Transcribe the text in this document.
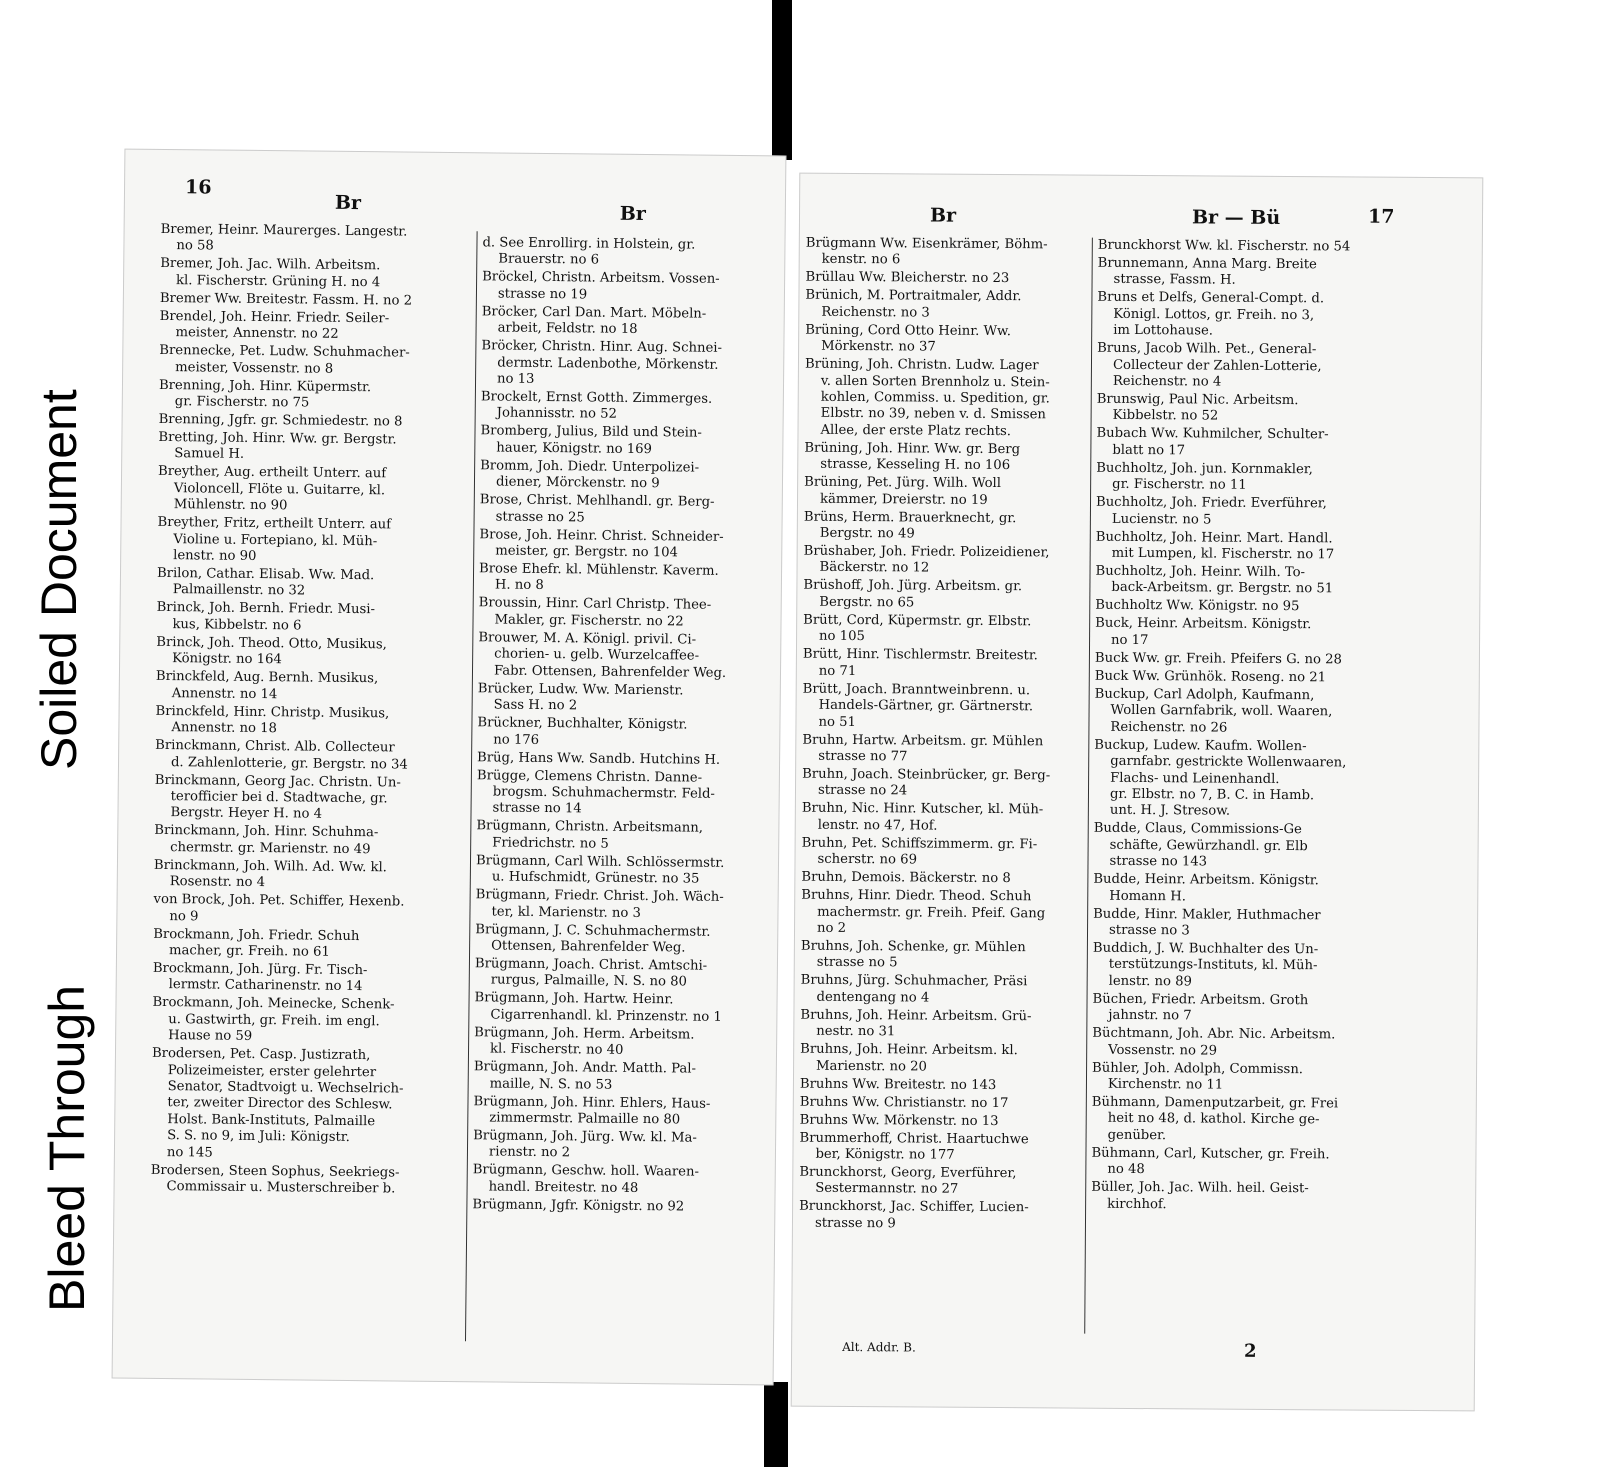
Bleed Through
Soiled Document
16
Br	Br
Bremer, Heinr. Maurerges. Langestr.
no 58
Bremer, Joh. Jac. Wilh. Arbeitsm.
kl. Fischerstr. Grüning H. no 4
Bremer Ww. Breitestr. Fassm. H. no 2
Brendel, Joh. Heinr. Friedr. Seiler-
meister, Annenstr. no 22
Brennecke, Pet. Ludw. Schuhmacher-
meister, Vossenstr. no 8
Brenning, Joh. Hinr. Küpermstr.
gr. Fischerstr. no 75
Brenning, Jgfr. gr. Schmiedestr. no 8
Bretting, Joh. Hinr. Ww. gr. Bergstr.
Samuel H.
Breyther, Aug. ertheilt Unterr. auf
Violoncell, Flöte u. Guitarre, kl.
Mühlenstr. no 90
Breyther, Fritz, ertheilt Unterr. auf
Violine u. Fortepiano, kl. Müh-
lenstr. no 90
Brilon, Cathar. Elisab. Ww. Mad.
Palmaillenstr. no 32
Brinck, Joh. Bernh. Friedr. Musi-
kus, Kibbelstr. no 6
Brinck, Joh. Theod. Otto, Musikus,
Königstr. no 164
Brinckfeld, Aug. Bernh. Musikus,
Annenstr. no 14
Brinckfeld, Hinr. Christp. Musikus,
Annenstr. no 18
Brinckmann, Christ. Alb. Collecteur
d. Zahlenlotterie, gr. Bergstr. no 34
Brinckmann, Georg Jac. Christn. Un-
terofficier bei d. Stadtwache, gr.
Bergstr. Heyer H. no 4
Brinckmann, Joh. Hinr. Schuhma-
chermstr. gr. Marienstr. no 49
Brinckmann, Joh. Wilh. Ad. Ww. kl.
Rosenstr. no 4
von Brock, Joh. Pet. Schiffer, Hexenb.
no 9
Brockmann, Joh. Friedr. Schuh
macher, gr. Freih. no 61
Brockmann, Joh. Jürg. Fr. Tisch-
lermstr. Catharinenstr. no 14
Brockmann, Joh. Meinecke, Schenk-
u. Gastwirth, gr. Freih. im engl.
Hause no 59
Brodersen, Pet. Casp. Justizrath,
Polizeimeister, erster gelehrter
Senator, Stadtvoigt u. Wechselrich-
ter, zweiter Director des Schlesw.
Holst. Bank-Instituts, Palmaille
S. S. no 9, im Juli: Königstr.
no 145
Brodersen, Steen Sophus, Seekriegs-
Commissair u. Musterschreiber b.
d. See Enrollirg. in Holstein, gr.
Brauerstr. no 6
Bröckel, Christn. Arbeitsm. Vossen-
strasse no 19
Bröcker, Carl Dan. Mart. Möbeln-
arbeit, Feldstr. no 18
Bröcker, Christn. Hinr. Aug. Schnei-
dermstr. Ladenbothe, Mörkenstr.
no 13
Brockelt, Ernst Gotth. Zimmerges.
Johannisstr. no 52
Bromberg, Julius, Bild und Stein-
hauer, Königstr. no 169
Bromm, Joh. Diedr. Unterpolizei-
diener, Mörckenstr. no 9
Brose, Christ. Mehlhandl. gr. Berg-
strasse no 25
Brose, Joh. Heinr. Christ. Schneider-
meister, gr. Bergstr. no 104
Brose Ehefr. kl. Mühlenstr. Kaverm.
H. no 8
Broussin, Hinr. Carl Christp. Thee-
Makler, gr. Fischerstr. no 22
Brouwer, M. A. Königl. privil. Ci-
chorien- u. gelb. Wurzelcaffee-
Fabr. Ottensen, Bahrenfelder Weg.
Brücker, Ludw. Ww. Marienstr.
Sass H. no 2
Brückner, Buchhalter, Königstr.
no 176
Brüg, Hans Ww. Sandb. Hutchins H.
Brügge, Clemens Christn. Danne-
brogsm. Schuhmachermstr. Feld-
strasse no 14
Brügmann, Christn. Arbeitsmann,
Friedrichstr. no 5
Brügmann, Carl Wilh. Schlössermstr.
u. Hufschmidt, Grünestr. no 35
Brügmann, Friedr. Christ. Joh. Wäch-
ter, kl. Marienstr. no 3
Brügmann, J. C. Schuhmachermstr.
Ottensen, Bahrenfelder Weg.
Brügmann, Joach. Christ. Amtschi-
rurgus, Palmaille, N. S. no 80
Brügmann, Joh. Hartw. Heinr.
Cigarrenhandl. kl. Prinzenstr. no 1
Brügmann, Joh. Herm. Arbeitsm.
kl. Fischerstr. no 40
Brügmann, Joh. Andr. Matth. Pal-
maille, N. S. no 53
Brügmann, Joh. Hinr. Ehlers, Haus-
zimmermstr. Palmaille no 80
Brügmann, Joh. Jürg. Ww. kl. Ma-
rienstr. no 2
Brügmann, Geschw. holl. Waaren-
handl. Breitestr. no 48
Brügmann, Jgfr. Königstr. no 92
Br	Br — Bü	17
Brügmann Ww. Eisenkrämer, Böhm-
kenstr. no 6
Brüllau Ww. Bleicherstr. no 23
Brünich, M. Portraitmaler, Addr.
Reichenstr. no 3
Brüning, Cord Otto Heinr. Ww.
Mörkenstr. no 37
Brüning, Joh. Christn. Ludw. Lager
v. allen Sorten Brennholz u. Stein-
kohlen, Commiss. u. Spedition, gr.
Elbstr. no 39, neben v. d. Smissen
Allee, der erste Platz rechts.
Brüning, Joh. Hinr. Ww. gr. Berg
strasse, Kesseling H. no 106
Brüning, Pet. Jürg. Wilh. Woll
kämmer, Dreierstr. no 19
Brüns, Herm. Brauerknecht, gr.
Bergstr. no 49
Brüshaber, Joh. Friedr. Polizeidiener,
Bäckerstr. no 12
Brüshoff, Joh. Jürg. Arbeitsm. gr.
Bergstr. no 65
Brütt, Cord, Küpermstr. gr. Elbstr.
no 105
Brütt, Hinr. Tischlermstr. Breitestr.
no 71
Brütt, Joach. Branntweinbrenn. u.
Handels-Gärtner, gr. Gärtnerstr.
no 51
Bruhn, Hartw. Arbeitsm. gr. Mühlen
strasse no 77
Bruhn, Joach. Steinbrücker, gr. Berg-
strasse no 24
Bruhn, Nic. Hinr. Kutscher, kl. Müh-
lenstr. no 47, Hof.
Bruhn, Pet. Schiffszimmerm. gr. Fi-
scherstr. no 69
Bruhn, Demois. Bäckerstr. no 8
Bruhns, Hinr. Diedr. Theod. Schuh
machermstr. gr. Freih. Pfeif. Gang
no 2
Bruhns, Joh. Schenke, gr. Mühlen
strasse no 5
Bruhns, Jürg. Schuhmacher, Präsi
dentengang no 4
Bruhns, Joh. Heinr. Arbeitsm. Grü-
nestr. no 31
Bruhns, Joh. Heinr. Arbeitsm. kl.
Marienstr. no 20
Bruhns Ww. Breitestr. no 143
Bruhns Ww. Christianstr. no 17
Bruhns Ww. Mörkenstr. no 13
Brummerhoff, Christ. Haartuchwe
ber, Königstr. no 177
Brunckhorst, Georg, Everführer,
Sestermannstr. no 27
Brunckhorst, Jac. Schiffer, Lucien-
strasse no 9
Brunckhorst Ww. kl. Fischerstr. no 54
Brunnemann, Anna Marg. Breite
strasse, Fassm. H.
Bruns et Delfs, General-Compt. d.
Königl. Lottos, gr. Freih. no 3,
im Lottohause.
Bruns, Jacob Wilh. Pet., General-
Collecteur der Zahlen-Lotterie,
Reichenstr. no 4
Brunswig, Paul Nic. Arbeitsm.
Kibbelstr. no 52
Bubach Ww. Kuhmilcher, Schulter-
blatt no 17
Buchholtz, Joh. jun. Kornmakler,
gr. Fischerstr. no 11
Buchholtz, Joh. Friedr. Everführer,
Lucienstr. no 5
Buchholtz, Joh. Heinr. Mart. Handl.
mit Lumpen, kl. Fischerstr. no 17
Buchholtz, Joh. Heinr. Wilh. To-
back-Arbeitsm. gr. Bergstr. no 51
Buchholtz Ww. Königstr. no 95
Buck, Heinr. Arbeitsm. Königstr.
no 17
Buck Ww. gr. Freih. Pfeifers G. no 28
Buck Ww. Grünhök. Roseng. no 21
Buckup, Carl Adolph, Kaufmann,
Wollen Garnfabrik, woll. Waaren,
Reichenstr. no 26
Buckup, Ludew. Kaufm. Wollen-
garnfabr. gestrickte Wollenwaaren,
Flachs- und Leinenhandl.
gr. Elbstr. no 7, B. C. in Hamb.
unt. H. J. Stresow.
Budde, Claus, Commissions-Ge
schäfte, Gewürzhandl. gr. Elb
strasse no 143
Budde, Heinr. Arbeitsm. Königstr.
Homann H.
Budde, Hinr. Makler, Huthmacher
strasse no 3
Buddich, J. W. Buchhalter des Un-
terstützungs-Instituts, kl. Müh-
lenstr. no 89
Büchen, Friedr. Arbeitsm. Groth
jahnstr. no 7
Büchtmann, Joh. Abr. Nic. Arbeitsm.
Vossenstr. no 29
Bühler, Joh. Adolph, Commissn.
Kirchenstr. no 11
Bühmann, Damenputzarbeit, gr. Frei
heit no 48, d. kathol. Kirche ge-
genüber.
Bühmann, Carl, Kutscher, gr. Freih.
no 48
Büller, Joh. Jac. Wilh. heil. Geist-
kirchhof.
Alt. Addr. B.	2
